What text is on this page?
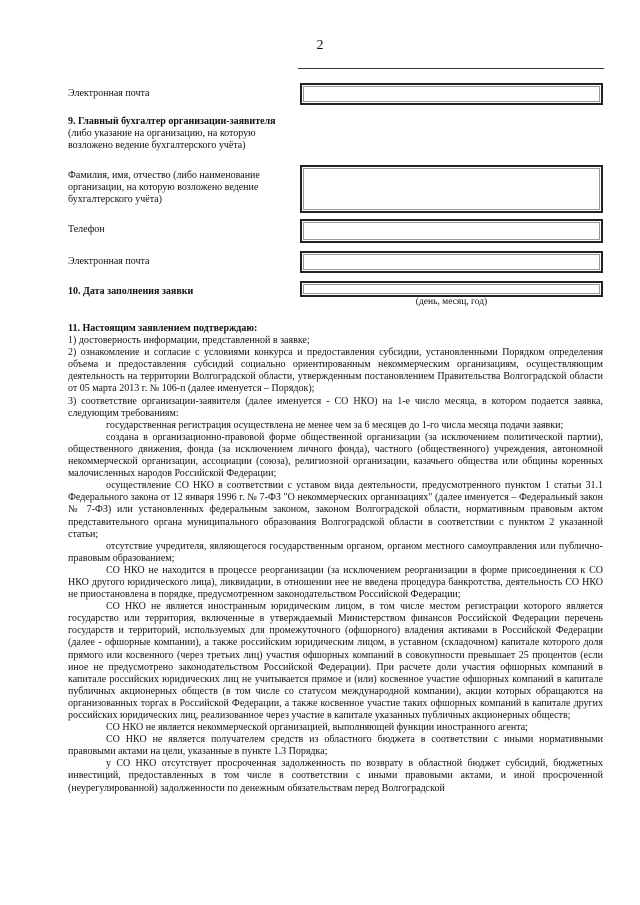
2
Электронная почта
9. Главный бухгалтер организации-заявителя
(либо указание на организацию, на которую возложено ведение бухгалтерского учёта)
Фамилия, имя, отчество (либо наименование организации, на которую возложено ведение бухгалтерского учёта)
Телефон
Электронная почта
10. Дата заполнения заявки
(день, месяц, год)

11. Настоящим заявлением подтверждаю:

1) достоверность информации, представленной в заявке;

2) ознакомление и согласие с условиями конкурса и предоставления субсидии, установленными Порядком определения объема и предоставления субсидий социально ориентированным некоммерческим организациям, осуществляющим деятельность на территории Волгоградской области, утвержденным постановлением Правительства Волгоградской области от 05 марта 2013 г. № 106-п (далее именуется – Порядок);

3) соответствие организации-заявителя (далее именуется - СО НКО) на 1-е число месяца, в котором подается заявка, следующим требованиям:

государственная регистрация осуществлена не менее чем за 6 месяцев до 1-го числа месяца подачи заявки;

создана в организационно-правовой форме общественной организации (за исключением политической партии), общественного движения, фонда (за исключением личного фонда), частного (общественного) учреждения, автономной некоммерческой организации, ассоциации (союза), религиозной организации, казачьего общества или общины коренных малочисленных народов Российской Федерации;

осуществление СО НКО в соответствии с уставом вида деятельности, предусмотренного пунктом 1 статьи 31.1 Федерального закона от 12 января 1996 г. № 7-ФЗ "О некоммерческих организациях" (далее именуется – Федеральный закон № 7-ФЗ) или установленных федеральным законом, законом Волгоградской области, нормативным правовым актом представительного органа муниципального образования Волгоградской области в соответствии с пунктом 2 указанной статьи;

отсутствие учредителя, являющегося государственным органом, органом местного самоуправления или публично-правовым образованием;

СО НКО не находится в процессе реорганизации (за исключением реорганизации в форме присоединения к СО НКО другого юридического лица), ликвидации, в отношении нее не введена процедура банкротства, деятельность СО НКО не приостановлена в порядке, предусмотренном законодательством Российской Федерации;

СО НКО не является иностранным юридическим лицом, в том числе местом регистрации которого является государство или территория, включенные в утверждаемый Министерством финансов Российской Федерации перечень государств и территорий, используемых для промежуточного (офшорного) владения активами в Российской Федерации (далее - офшорные компании), а также российским юридическим лицом, в уставном (складочном) капитале которого доля прямого или косвенного (через третьих лиц) участия офшорных компаний в совокупности превышает 25 процентов (если иное не предусмотрено законодательством Российской Федерации). При расчете доли участия офшорных компаний в капитале российских юридических лиц не учитывается прямое и (или) косвенное участие офшорных компаний в капитале публичных акционерных обществ (в том числе со статусом международной компании), акции которых обращаются на организованных торгах в Российской Федерации, а также косвенное участие таких офшорных компаний в капитале других российских юридических лиц, реализованное через участие в капитале указанных публичных акционерных обществ;

СО НКО не является некоммерческой организацией, выполняющей функции иностранного агента;

СО НКО не является получателем средств из областного бюджета в соответствии с иными нормативными правовыми актами на цели, указанные в пункте 1.3 Порядка;

у СО НКО отсутствует просроченная задолженность по возврату в областной бюджет субсидий, бюджетных инвестиций, предоставленных в том числе в соответствии с иными правовыми актами, и иной просроченной (неурегулированной) задолженности по денежным обязательствам перед Волгоградской
